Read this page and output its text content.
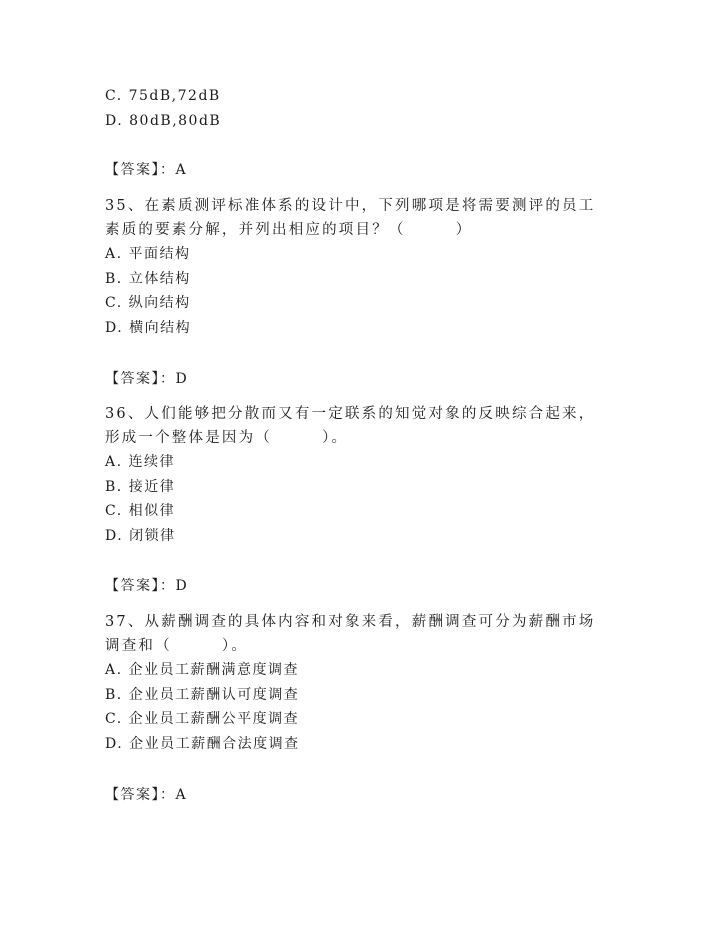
C. 75dB,72dB
D. 80dB,80dB
【答案】：A
35、在素质测评标准体系的设计中，下列哪项是将需要测评的员工素质的要素分解，并列出相应的项目？（　　　）
A. 平面结构
B. 立体结构
C. 纵向结构
D. 横向结构
【答案】：D
36、人们能够把分散而又有一定联系的知觉对象的反映综合起来，形成一个整体是因为（　　　）。
A. 连续律
B. 接近律
C. 相似律
D. 闭锁律
【答案】：D
37、从薪酬调查的具体内容和对象来看，薪酬调查可分为薪酬市场调查和（　　　）。
A. 企业员工薪酬满意度调查
B. 企业员工薪酬认可度调查
C. 企业员工薪酬公平度调查
D. 企业员工薪酬合法度调查
【答案】：A
